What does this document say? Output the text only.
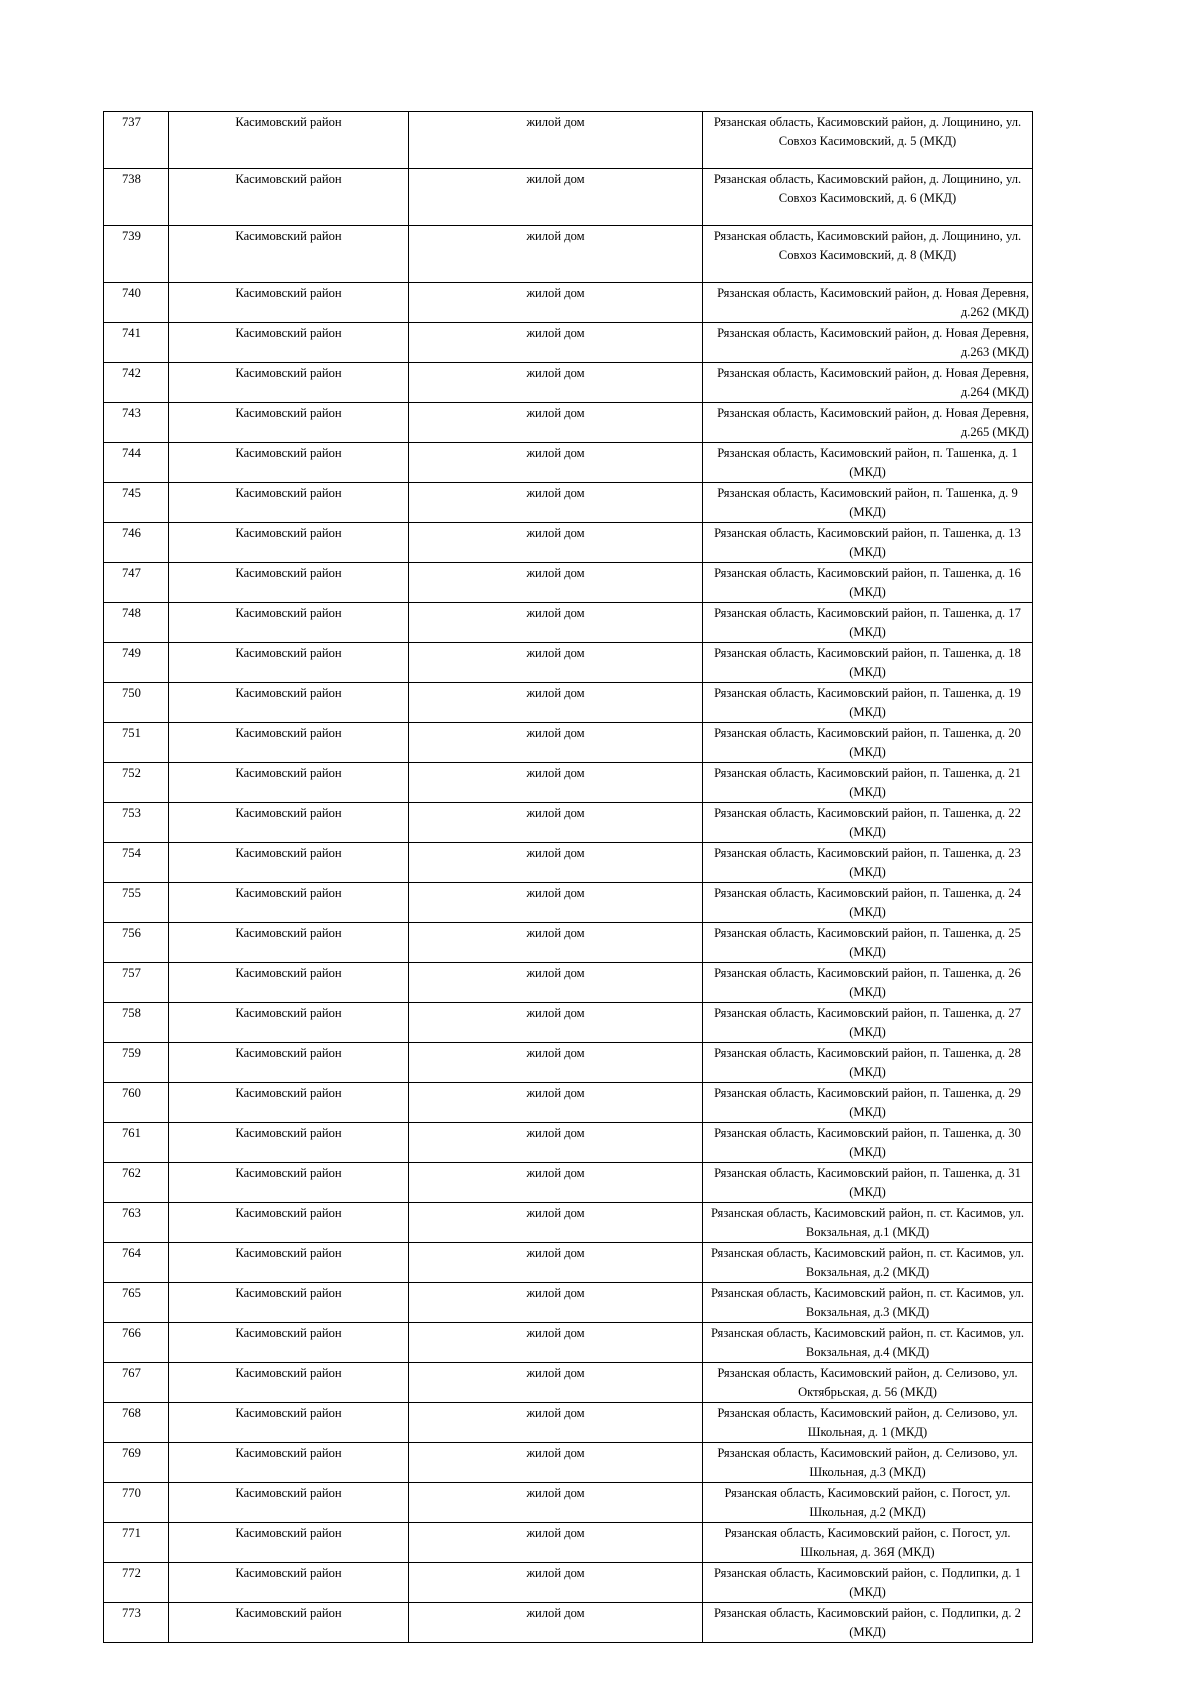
737	Касимовский район	жилой дом	Рязанская область, Касимовский район, д. Лощинино, ул. Совхоз Касимовский, д. 5 (МКД)
738	Касимовский район	жилой дом	Рязанская область, Касимовский район, д. Лощинино, ул. Совхоз Касимовский, д. 6 (МКД)
739	Касимовский район	жилой дом	Рязанская область, Касимовский район, д. Лощинино, ул. Совхоз Касимовский, д. 8 (МКД)
740	Касимовский район	жилой дом	Рязанская область, Касимовский район, д. Новая Деревня, д.262 (МКД)
741	Касимовский район	жилой дом	Рязанская область, Касимовский район, д. Новая Деревня, д.263 (МКД)
742	Касимовский район	жилой дом	Рязанская область, Касимовский район, д. Новая Деревня, д.264 (МКД)
743	Касимовский район	жилой дом	Рязанская область, Касимовский район, д. Новая Деревня, д.265 (МКД)
744	Касимовский район	жилой дом	Рязанская область, Касимовский район, п. Ташенка, д. 1 (МКД)
745	Касимовский район	жилой дом	Рязанская область, Касимовский район, п. Ташенка, д. 9 (МКД)
746	Касимовский район	жилой дом	Рязанская область, Касимовский район, п. Ташенка, д. 13 (МКД)
747	Касимовский район	жилой дом	Рязанская область, Касимовский район, п. Ташенка, д. 16 (МКД)
748	Касимовский район	жилой дом	Рязанская область, Касимовский район, п. Ташенка, д. 17 (МКД)
749	Касимовский район	жилой дом	Рязанская область, Касимовский район, п. Ташенка, д. 18 (МКД)
750	Касимовский район	жилой дом	Рязанская область, Касимовский район, п. Ташенка, д. 19 (МКД)
751	Касимовский район	жилой дом	Рязанская область, Касимовский район, п. Ташенка, д. 20 (МКД)
752	Касимовский район	жилой дом	Рязанская область, Касимовский район, п. Ташенка, д. 21 (МКД)
753	Касимовский район	жилой дом	Рязанская область, Касимовский район, п. Ташенка, д. 22 (МКД)
754	Касимовский район	жилой дом	Рязанская область, Касимовский район, п. Ташенка, д. 23 (МКД)
755	Касимовский район	жилой дом	Рязанская область, Касимовский район, п. Ташенка, д. 24 (МКД)
756	Касимовский район	жилой дом	Рязанская область, Касимовский район, п. Ташенка, д. 25 (МКД)
757	Касимовский район	жилой дом	Рязанская область, Касимовский район, п. Ташенка, д. 26 (МКД)
758	Касимовский район	жилой дом	Рязанская область, Касимовский район, п. Ташенка, д. 27 (МКД)
759	Касимовский район	жилой дом	Рязанская область, Касимовский район, п. Ташенка, д. 28 (МКД)
760	Касимовский район	жилой дом	Рязанская область, Касимовский район, п. Ташенка, д. 29 (МКД)
761	Касимовский район	жилой дом	Рязанская область, Касимовский район, п. Ташенка, д. 30 (МКД)
762	Касимовский район	жилой дом	Рязанская область, Касимовский район, п. Ташенка, д. 31 (МКД)
763	Касимовский район	жилой дом	Рязанская область, Касимовский район, п. ст. Касимов, ул. Вокзальная, д.1 (МКД)
764	Касимовский район	жилой дом	Рязанская область, Касимовский район, п. ст. Касимов, ул. Вокзальная, д.2 (МКД)
765	Касимовский район	жилой дом	Рязанская область, Касимовский район, п. ст. Касимов, ул. Вокзальная, д.3 (МКД)
766	Касимовский район	жилой дом	Рязанская область, Касимовский район, п. ст. Касимов, ул. Вокзальная, д.4 (МКД)
767	Касимовский район	жилой дом	Рязанская область, Касимовский район, д. Селизово, ул. Октябрьская, д. 56 (МКД)
768	Касимовский район	жилой дом	Рязанская область, Касимовский район, д. Селизово, ул. Школьная, д. 1 (МКД)
769	Касимовский район	жилой дом	Рязанская область, Касимовский район, д. Селизово, ул. Школьная, д.3 (МКД)
770	Касимовский район	жилой дом	Рязанская область, Касимовский район, с. Погост, ул. Школьная, д.2 (МКД)
771	Касимовский район	жилой дом	Рязанская область, Касимовский район, с. Погост, ул. Школьная, д. 36Я (МКД)
772	Касимовский район	жилой дом	Рязанская область, Касимовский район, с. Подлипки, д. 1 (МКД)
773	Касимовский район	жилой дом	Рязанская область, Касимовский район, с. Подлипки, д. 2 (МКД)
